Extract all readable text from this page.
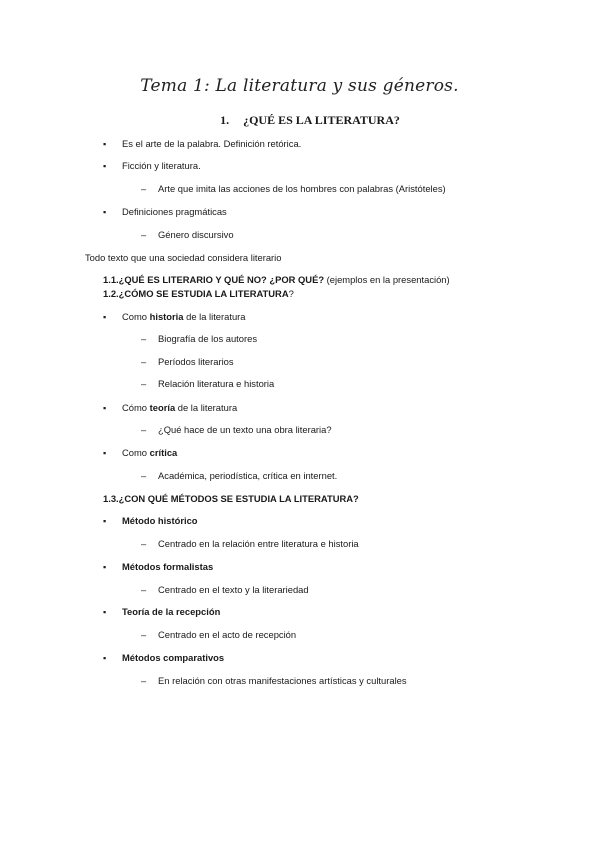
Tema 1: La literatura y sus géneros.
1. ¿QUÉ ES LA LITERATURA?
▪ Es el arte de la palabra. Definición retórica.
▪ Ficción y literatura.
– Arte que imita las acciones de los hombres con palabras (Aristóteles)
▪ Definiciones pragmáticas
– Género discursivo
Todo texto que una sociedad considera literario
1.1.¿QUÉ ES LITERARIO Y QUÉ NO? ¿POR QUÉ? (ejemplos en la presentación)
1.2.¿CÓMO SE ESTUDIA LA LITERATURA?
▪ Como historia de la literatura
– Biografía de los autores
– Períodos literarios
– Relación literatura e historia
▪ Cómo teoría de la literatura
– ¿Qué hace de un texto una obra literaria?
▪ Como crítica
– Académica, periodística, crítica en internet.
1.3.¿CON QUÉ MÉTODOS SE ESTUDIA LA LITERATURA?
▪ Método histórico
– Centrado en la relación entre literatura e historia
▪ Métodos formalistas
– Centrado en el texto y la literariedad
▪ Teoría de la recepción
– Centrado en el acto de recepción
▪ Métodos comparativos
– En relación con otras manifestaciones artísticas y culturales
